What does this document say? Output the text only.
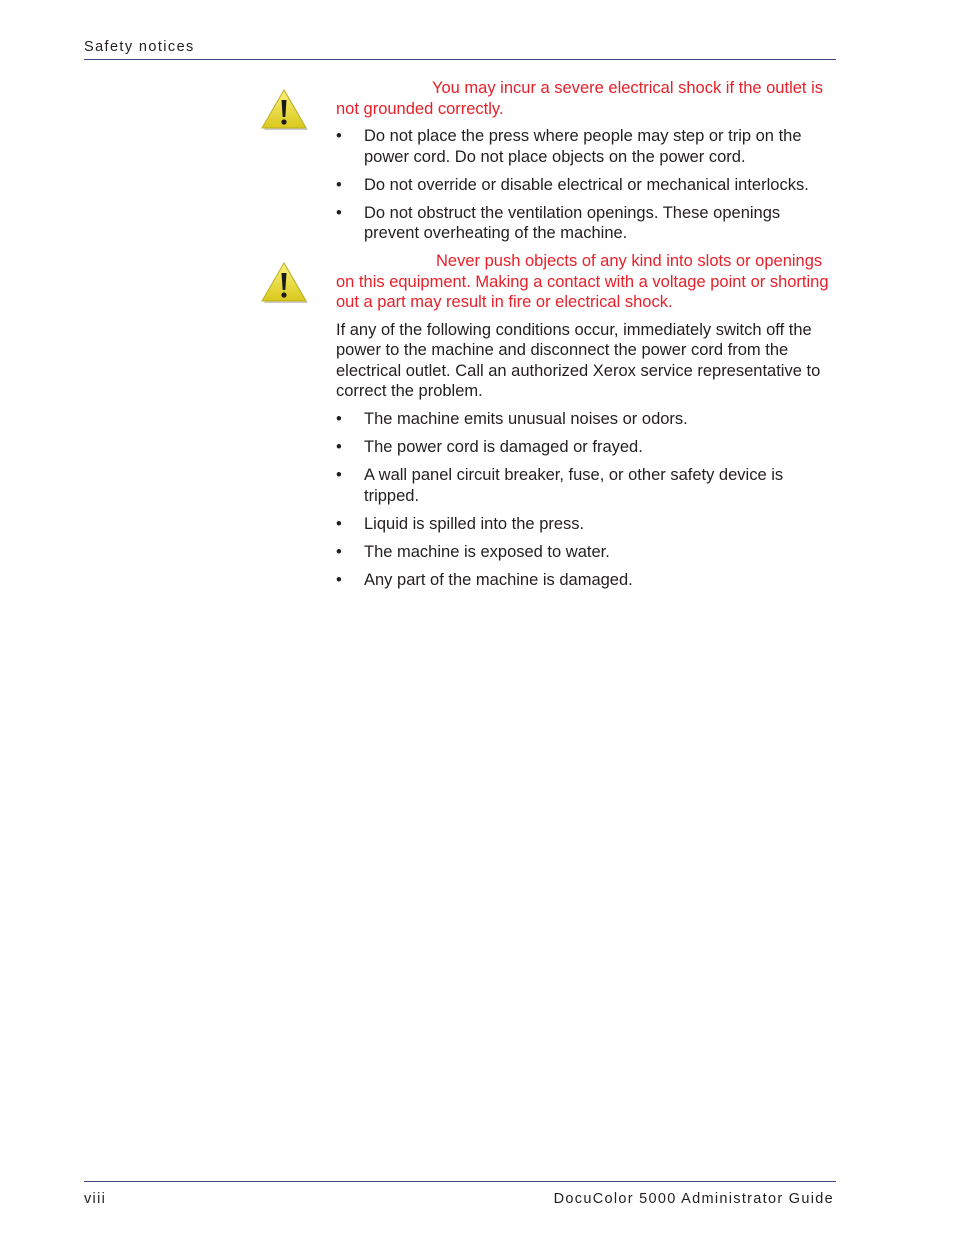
Safety notices
You may incur a severe electrical shock if the outlet is not grounded correctly.
• Do not place the press where people may step or trip on the power cord. Do not place objects on the power cord.
• Do not override or disable electrical or mechanical interlocks.
• Do not obstruct the ventilation openings. These openings prevent overheating of the machine.
Never push objects of any kind into slots or openings on this equipment. Making a contact with a voltage point or shorting out a part may result in fire or electrical shock.
If any of the following conditions occur, immediately switch off the power to the machine and disconnect the power cord from the electrical outlet. Call an authorized Xerox service representative to correct the problem.
• The machine emits unusual noises or odors.
• The power cord is damaged or frayed.
• A wall panel circuit breaker, fuse, or other safety device is tripped.
• Liquid is spilled into the press.
• The machine is exposed to water.
• Any part of the machine is damaged.
viii	DocuColor 5000 Administrator Guide
